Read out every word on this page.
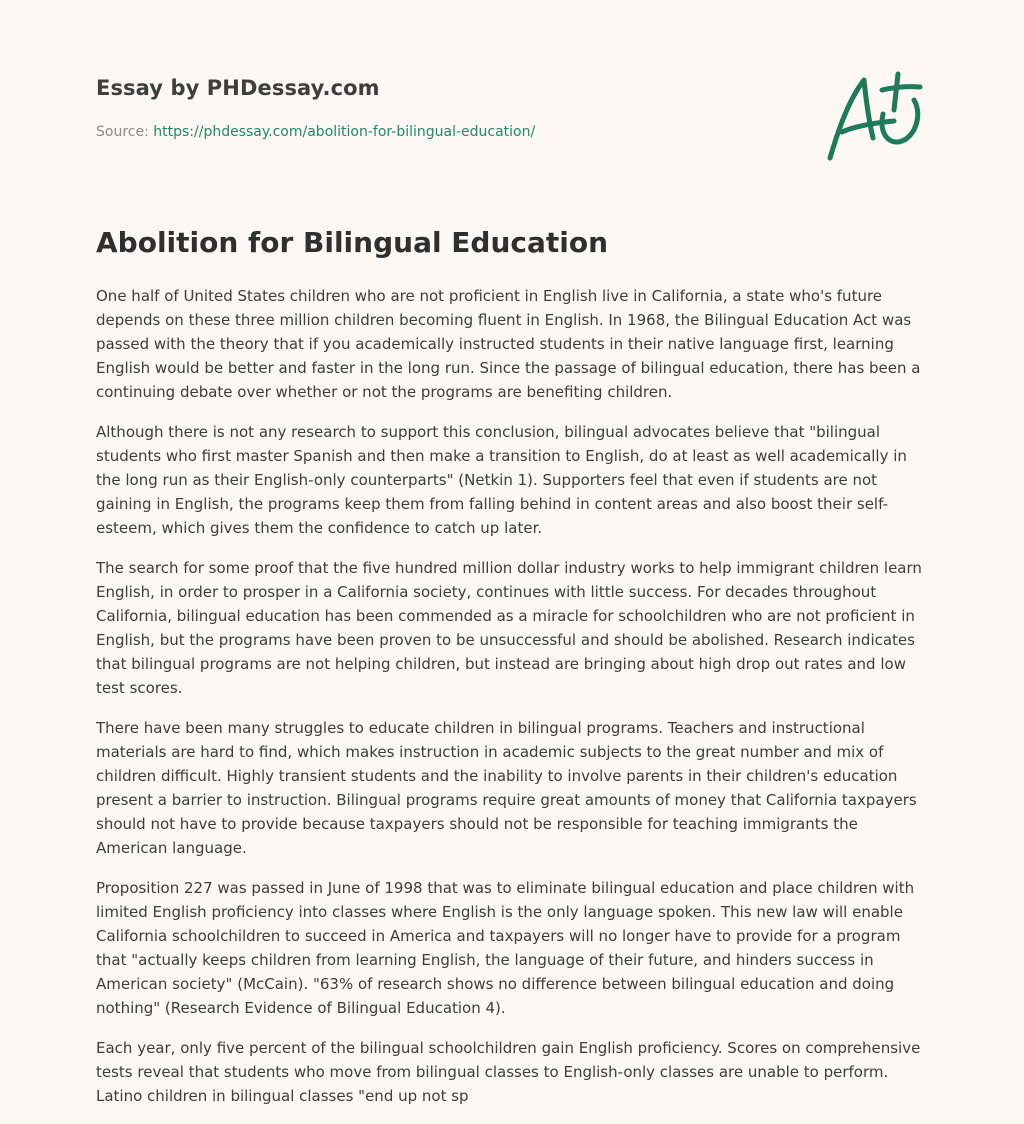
Essay by PHDessay.com
Source: https://phdessay.com/abolition-for-bilingual-education/
Abolition for Bilingual Education

One half of United States children who are not proficient in English live in California, a state who's future depends on these three million children becoming fluent in English. In 1968, the Bilingual Education Act was passed with the theory that if you academically instructed students in their native language first, learning English would be better and faster in the long run. Since the passage of bilingual education, there has been a continuing debate over whether or not the programs are benefiting children.

Although there is not any research to support this conclusion, bilingual advocates believe that "bilingual students who first master Spanish and then make a transition to English, do at least as well academically in the long run as their English-only counterparts" (Netkin 1). Supporters feel that even if students are not gaining in English, the programs keep them from falling behind in content areas and also boost their self-esteem, which gives them the confidence to catch up later.

The search for some proof that the five hundred million dollar industry works to help immigrant children learn English, in order to prosper in a California society, continues with little success. For decades throughout California, bilingual education has been commended as a miracle for schoolchildren who are not proficient in English, but the programs have been proven to be unsuccessful and should be abolished. Research indicates that bilingual programs are not helping children, but instead are bringing about high drop out rates and low test scores.

There have been many struggles to educate children in bilingual programs. Teachers and instructional materials are hard to find, which makes instruction in academic subjects to the great number and mix of children difficult. Highly transient students and the inability to involve parents in their children's education present a barrier to instruction. Bilingual programs require great amounts of money that California taxpayers should not have to provide because taxpayers should not be responsible for teaching immigrants the American language.

Proposition 227 was passed in June of 1998 that was to eliminate bilingual education and place children with limited English proficiency into classes where English is the only language spoken. This new law will enable California schoolchildren to succeed in America and taxpayers will no longer have to provide for a program that "actually keeps children from learning English, the language of their future, and hinders success in American society" (McCain). "63% of research shows no difference between bilingual education and doing nothing" (Research Evidence of Bilingual Education 4).

Each year, only five percent of the bilingual schoolchildren gain English proficiency. Scores on comprehensive tests reveal that students who move from bilingual classes to English-only classes are unable to perform. Latino children in bilingual classes "end up not sp
